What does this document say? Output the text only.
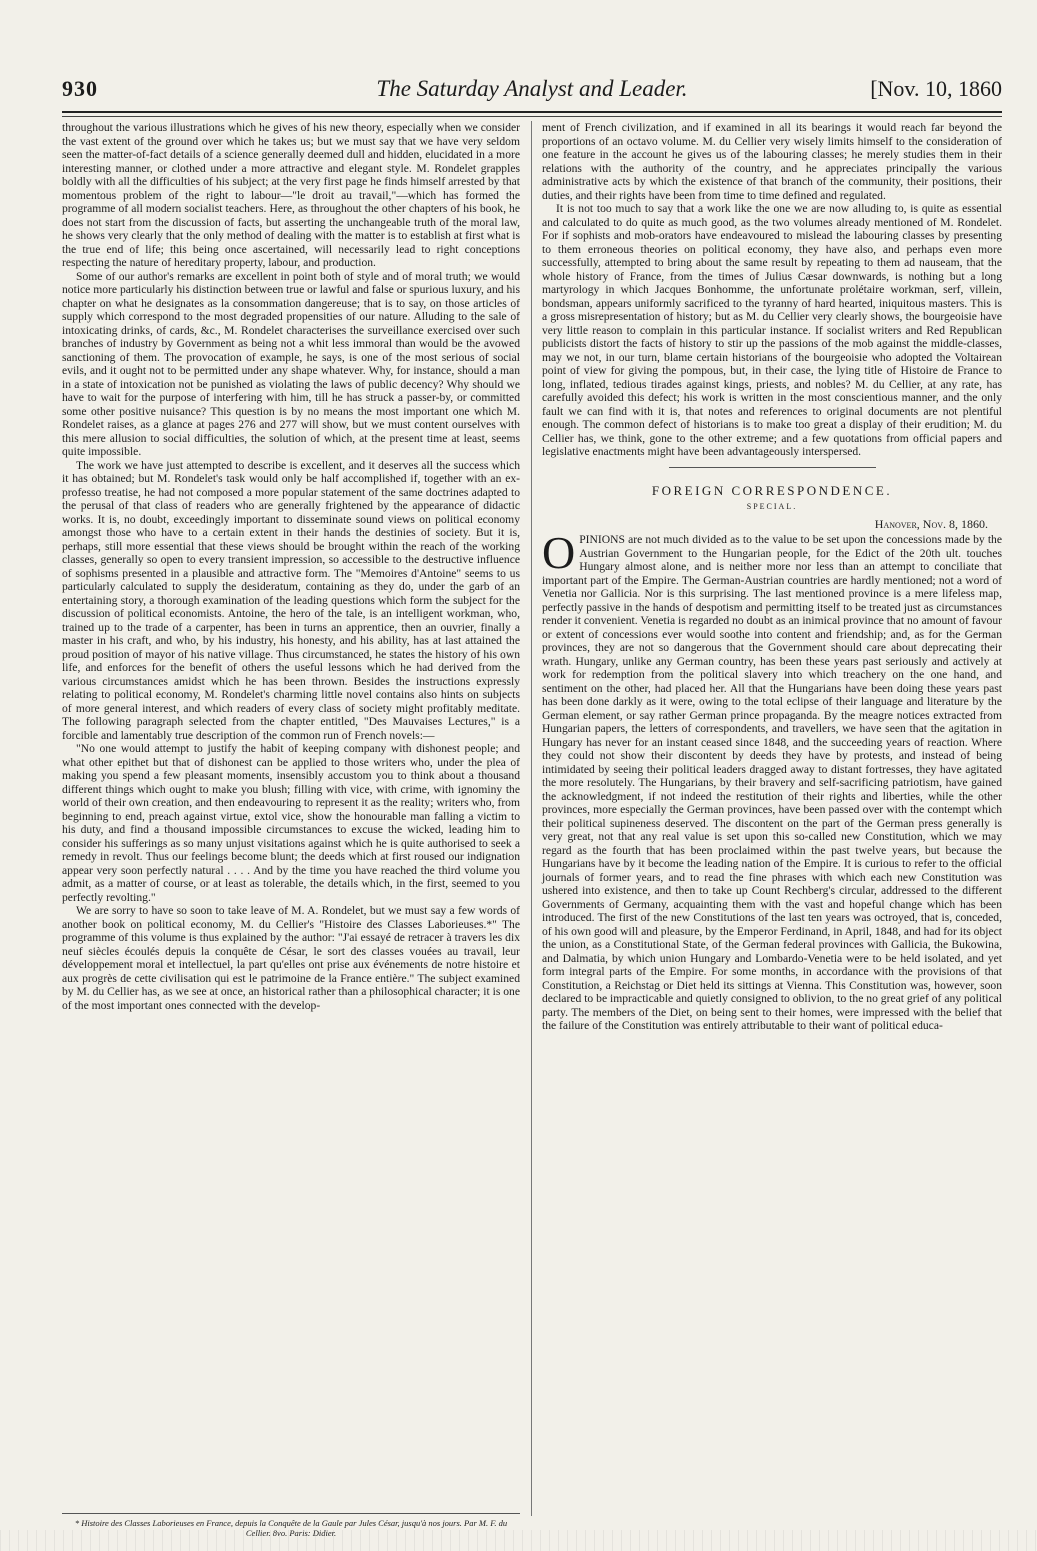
930	The Saturday Analyst and Leader.	[Nov. 10, 1860

throughout the various illustrations which he gives of his new theory, especially when we consider the vast extent of the ground over which he takes us; but we must say that we have very seldom seen the matter-of-fact details of a science generally deemed dull and hidden, elucidated in a more interesting manner, or clothed under a more attractive and elegant style. M. Rondelet grapples boldly with all the difficulties of his subject; at the very first page he finds himself arrested by that momentous problem of the right to labour—"le droit au travail,"—which has formed the programme of all modern socialist teachers. Here, as throughout the other chapters of his book, he does not start from the discussion of facts, but asserting the unchangeable truth of the moral law, he shows very clearly that the only method of dealing with the matter is to establish at first what is the true end of life; this being once ascertained, will necessarily lead to right conceptions respecting the nature of hereditary property, labour, and production.

Some of our author's remarks are excellent in point both of style and of moral truth; we would notice more particularly his distinction between true or lawful and false or spurious luxury, and his chapter on what he designates as la consommation dangereuse; that is to say, on those articles of supply which correspond to the most degraded propensities of our nature. Alluding to the sale of intoxicating drinks, of cards, &c., M. Rondelet characterises the surveillance exercised over such branches of industry by Government as being not a whit less immoral than would be the avowed sanctioning of them. The provocation of example, he says, is one of the most serious of social evils, and it ought not to be permitted under any shape whatever. Why, for instance, should a man in a state of intoxication not be punished as violating the laws of public decency? Why should we have to wait for the purpose of interfering with him, till he has struck a passer-by, or committed some other positive nuisance? This question is by no means the most important one which M. Rondelet raises, as a glance at pages 276 and 277 will show, but we must content ourselves with this mere allusion to social difficulties, the solution of which, at the present time at least, seems quite impossible.

The work we have just attempted to describe is excellent, and it deserves all the success which it has obtained; but M. Rondelet's task would only be half accomplished if, together with an ex-professo treatise, he had not composed a more popular statement of the same doctrines adapted to the perusal of that class of readers who are generally frightened by the appearance of didactic works. It is, no doubt, exceedingly important to disseminate sound views on political economy amongst those who have to a certain extent in their hands the destinies of society. But it is, perhaps, still more essential that these views should be brought within the reach of the working classes, generally so open to every transient impression, so accessible to the destructive influence of sophisms presented in a plausible and attractive form. The "Memoires d'Antoine" seems to us particularly calculated to supply the desideratum, containing as they do, under the garb of an entertaining story, a thorough examination of the leading questions which form the subject for the discussion of political economists. Antoine, the hero of the tale, is an intelligent workman, who, trained up to the trade of a carpenter, has been in turns an apprentice, then an ouvrier, finally a master in his craft, and who, by his industry, his honesty, and his ability, has at last attained the proud position of mayor of his native village. Thus circumstanced, he states the history of his own life, and enforces for the benefit of others the useful lessons which he had derived from the various circumstances amidst which he has been thrown. Besides the instructions expressly relating to political economy, M. Rondelet's charming little novel contains also hints on subjects of more general interest, and which readers of every class of society might profitably meditate. The following paragraph selected from the chapter entitled, "Des Mauvaises Lectures," is a forcible and lamentably true description of the common run of French novels:—

"No one would attempt to justify the habit of keeping company with dishonest people; and what other epithet but that of dishonest can be applied to those writers who, under the plea of making you spend a few pleasant moments, insensibly accustom you to think about a thousand different things which ought to make you blush; filling with vice, with crime, with ignominy the world of their own creation, and then endeavouring to represent it as the reality; writers who, from beginning to end, preach against virtue, extol vice, show the honourable man falling a victim to his duty, and find a thousand impossible circumstances to excuse the wicked, leading him to consider his sufferings as so many unjust visitations against which he is quite authorised to seek a remedy in revolt. Thus our feelings become blunt; the deeds which at first roused our indignation appear very soon perfectly natural . . . . And by the time you have reached the third volume you admit, as a matter of course, or at least as tolerable, the details which, in the first, seemed to you perfectly revolting."

We are sorry to have so soon to take leave of M. A. Rondelet, but we must say a few words of another book on political economy, M. du Cellier's "Histoire des Classes Laborieuses.*" The programme of this volume is thus explained by the author: "J'ai essayé de retracer à travers les dix neuf siècles écoulés depuis la conquête de César, le sort des classes vouées au travail, leur développement moral et intellectuel, la part qu'elles ont prise aux événements de notre histoire et aux progrès de cette civilisation qui est le patrimoine de la France entière." The subject examined by M. du Cellier has, as we see at once, an historical rather than a philosophical character; it is one of the most important ones connected with the develop-

ment of French civilization, and if examined in all its bearings it would reach far beyond the proportions of an octavo volume. M. du Cellier very wisely limits himself to the consideration of one feature in the account he gives us of the labouring classes; he merely studies them in their relations with the authority of the country, and he appreciates principally the various administrative acts by which the existence of that branch of the community, their positions, their duties, and their rights have been from time to time defined and regulated.

It is not too much to say that a work like the one we are now alluding to, is quite as essential and calculated to do quite as much good, as the two volumes already mentioned of M. Rondelet. For if sophists and mob-orators have endeavoured to mislead the labouring classes by presenting to them erroneous theories on political economy, they have also, and perhaps even more successfully, attempted to bring about the same result by repeating to them ad nauseam, that the whole history of France, from the times of Julius Cæsar downwards, is nothing but a long martyrology in which Jacques Bonhomme, the unfortunate prolétaire workman, serf, villein, bondsman, appears uniformly sacrificed to the tyranny of hard hearted, iniquitous masters. This is a gross misrepresentation of history; but as M. du Cellier very clearly shows, the bourgeoisie have very little reason to complain in this particular instance. If socialist writers and Red Republican publicists distort the facts of history to stir up the passions of the mob against the middle-classes, may we not, in our turn, blame certain historians of the bourgeoisie who adopted the Voltairean point of view for giving the pompous, but, in their case, the lying title of Histoire de France to long, inflated, tedious tirades against kings, priests, and nobles? M. du Cellier, at any rate, has carefully avoided this defect; his work is written in the most conscientious manner, and the only fault we can find with it is, that notes and references to original documents are not plentiful enough. The common defect of historians is to make too great a display of their erudition; M. du Cellier has, we think, gone to the other extreme; and a few quotations from official papers and legislative enactments might have been advantageously interspersed.

FOREIGN CORRESPONDENCE.
SPECIAL.
Hanover, Nov. 8, 1860.

OPINIONS are not much divided as to the value to be set upon the concessions made by the Austrian Government to the Hungarian people, for the Edict of the 20th ult. touches Hungary almost alone, and is neither more nor less than an attempt to conciliate that important part of the Empire. The German-Austrian countries are hardly mentioned; not a word of Venetia nor Gallicia. Nor is this surprising. The last mentioned province is a mere lifeless map, perfectly passive in the hands of despotism and permitting itself to be treated just as circumstances render it convenient. Venetia is regarded no doubt as an inimical province that no amount of favour or extent of concessions ever would soothe into content and friendship; and, as for the German provinces, they are not so dangerous that the Government should care about deprecating their wrath. Hungary, unlike any German country, has been these years past seriously and actively at work for redemption from the political slavery into which treachery on the one hand, and sentiment on the other, had placed her. All that the Hungarians have been doing these years past has been done darkly as it were, owing to the total eclipse of their language and literature by the German element, or say rather German prince propaganda. By the meagre notices extracted from Hungarian papers, the letters of correspondents, and travellers, we have seen that the agitation in Hungary has never for an instant ceased since 1848, and the succeeding years of reaction. Where they could not show their discontent by deeds they have by protests, and instead of being intimidated by seeing their political leaders dragged away to distant fortresses, they have agitated the more resolutely. The Hungarians, by their bravery and self-sacrificing patriotism, have gained the acknowledgment, if not indeed the restitution of their rights and liberties, while the other provinces, more especially the German provinces, have been passed over with the contempt which their political supineness deserved. The discontent on the part of the German press generally is very great, not that any real value is set upon this so-called new Constitution, which we may regard as the fourth that has been proclaimed within the past twelve years, but because the Hungarians have by it become the leading nation of the Empire. It is curious to refer to the official journals of former years, and to read the fine phrases with which each new Constitution was ushered into existence, and then to take up Count Rechberg's circular, addressed to the different Governments of Germany, acquainting them with the vast and hopeful change which has been introduced. The first of the new Constitutions of the last ten years was octroyed, that is, conceded, of his own good will and pleasure, by the Emperor Ferdinand, in April, 1848, and had for its object the union, as a Constitutional State, of the German federal provinces with Gallicia, the Bukowina, and Dalmatia, by which union Hungary and Lombardo-Venetia were to be held isolated, and yet form integral parts of the Empire. For some months, in accordance with the provisions of that Constitution, a Reichstag or Diet held its sittings at Vienna. This Constitution was, however, soon declared to be impracticable and quietly consigned to oblivion, to the no great grief of any political party. The members of the Diet, on being sent to their homes, were impressed with the belief that the failure of the Constitution was entirely attributable to their want of political educa-

* Histoire des Classes Laborieuses en France, depuis la Conquête de la Gaule par Jules César, jusqu'à nos jours. Par M. F. du Cellier. 8vo. Paris: Didier.
